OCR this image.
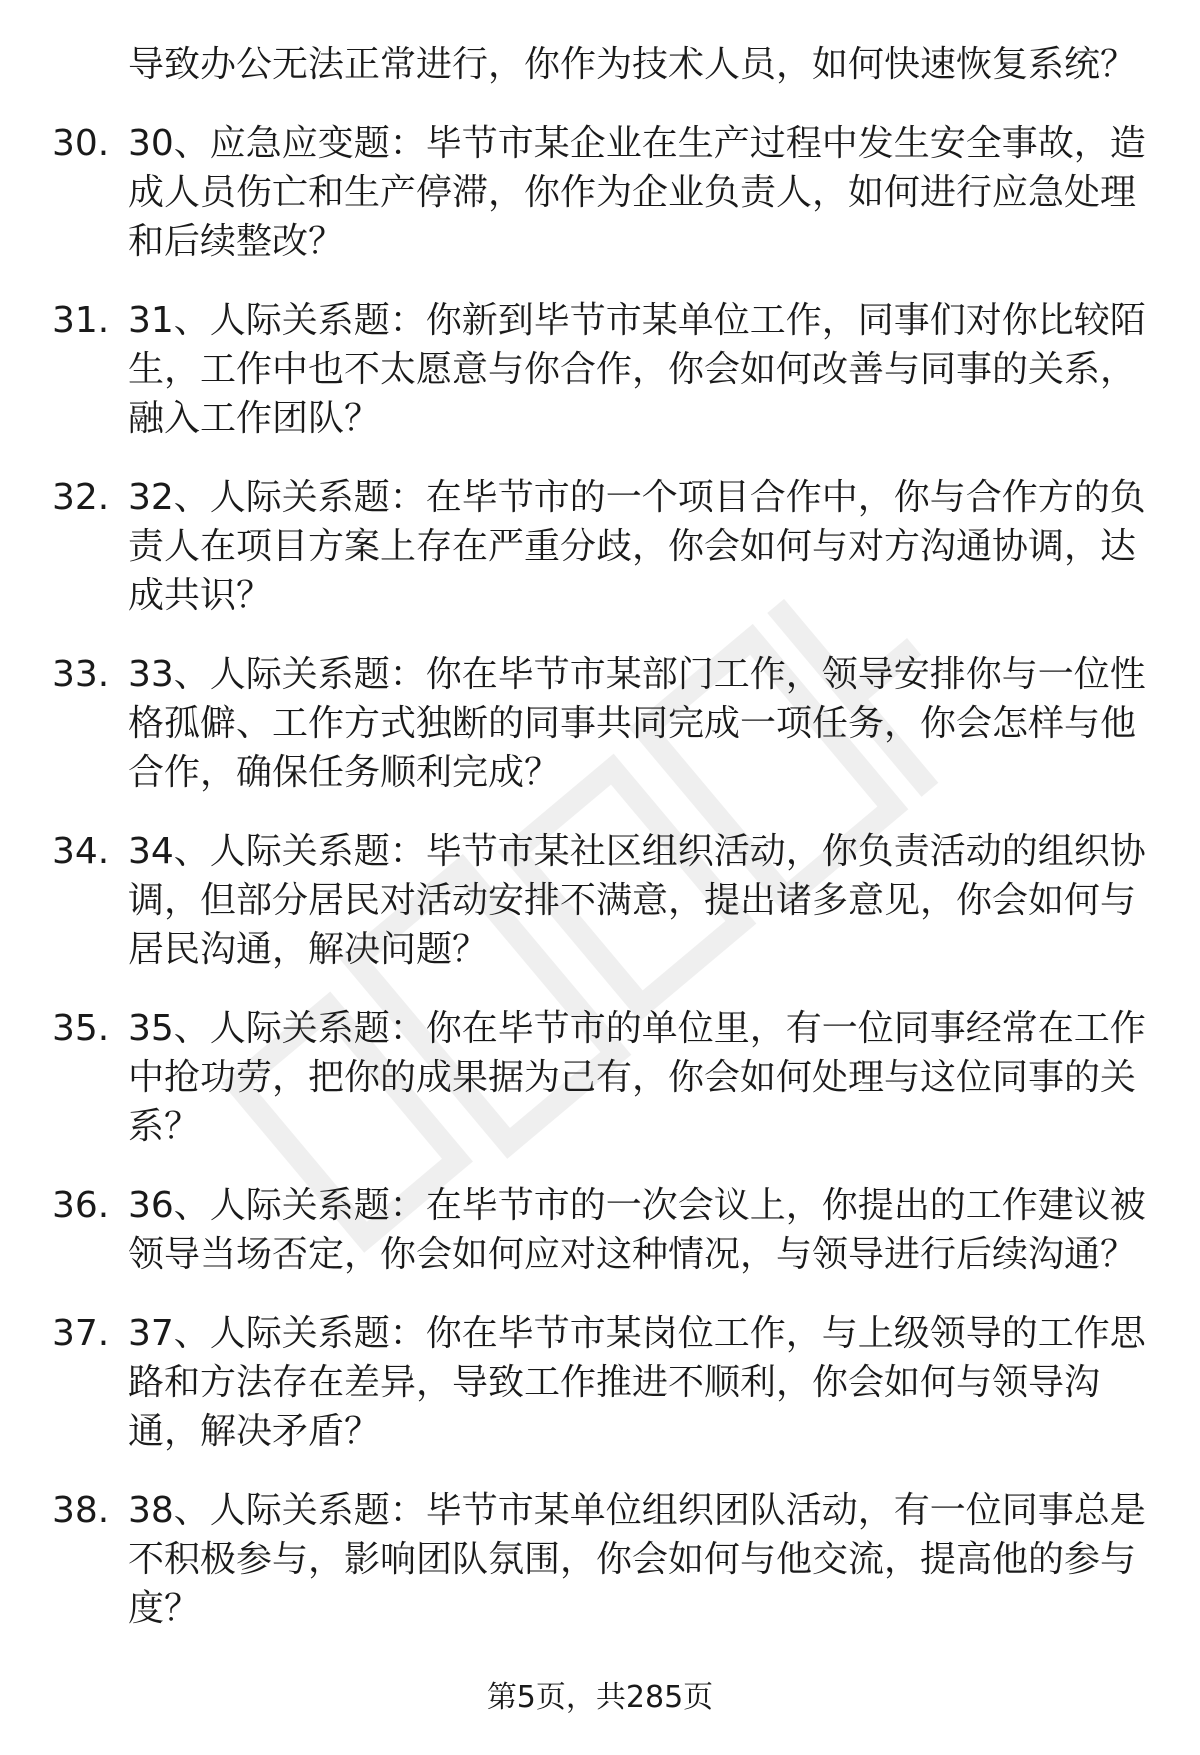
导致办公无法正常进行，你作为技术人员，如何快速恢复系统？
30. 30、应急应变题：毕节市某企业在生产过程中发生安全事故，造成人员伤亡和生产停滞，你作为企业负责人，如何进行应急处理和后续整改？
31. 31、人际关系题：你新到毕节市某单位工作，同事们对你比较陌生，工作中也不太愿意与你合作，你会如何改善与同事的关系，融入工作团队？
32. 32、人际关系题：在毕节市的一个项目合作中，你与合作方的负责人在项目方案上存在严重分歧，你会如何与对方沟通协调，达成共识？
33. 33、人际关系题：你在毕节市某部门工作，领导安排你与一位性格孤僻、工作方式独断的同事共同完成一项任务，你会怎样与他合作，确保任务顺利完成？
34. 34、人际关系题：毕节市某社区组织活动，你负责活动的组织协调，但部分居民对活动安排不满意，提出诸多意见，你会如何与居民沟通，解决问题？
35. 35、人际关系题：你在毕节市的单位里，有一位同事经常在工作中抢功劳，把你的成果据为己有，你会如何处理与这位同事的关系？
36. 36、人际关系题：在毕节市的一次会议上，你提出的工作建议被领导当场否定，你会如何应对这种情况，与领导进行后续沟通？
37. 37、人际关系题：你在毕节市某岗位工作，与上级领导的工作思路和方法存在差异，导致工作推进不顺利，你会如何与领导沟通，解决矛盾？
38. 38、人际关系题：毕节市某单位组织团队活动，有一位同事总是不积极参与，影响团队氛围，你会如何与他交流，提高他的参与度？
第5页，共285页
